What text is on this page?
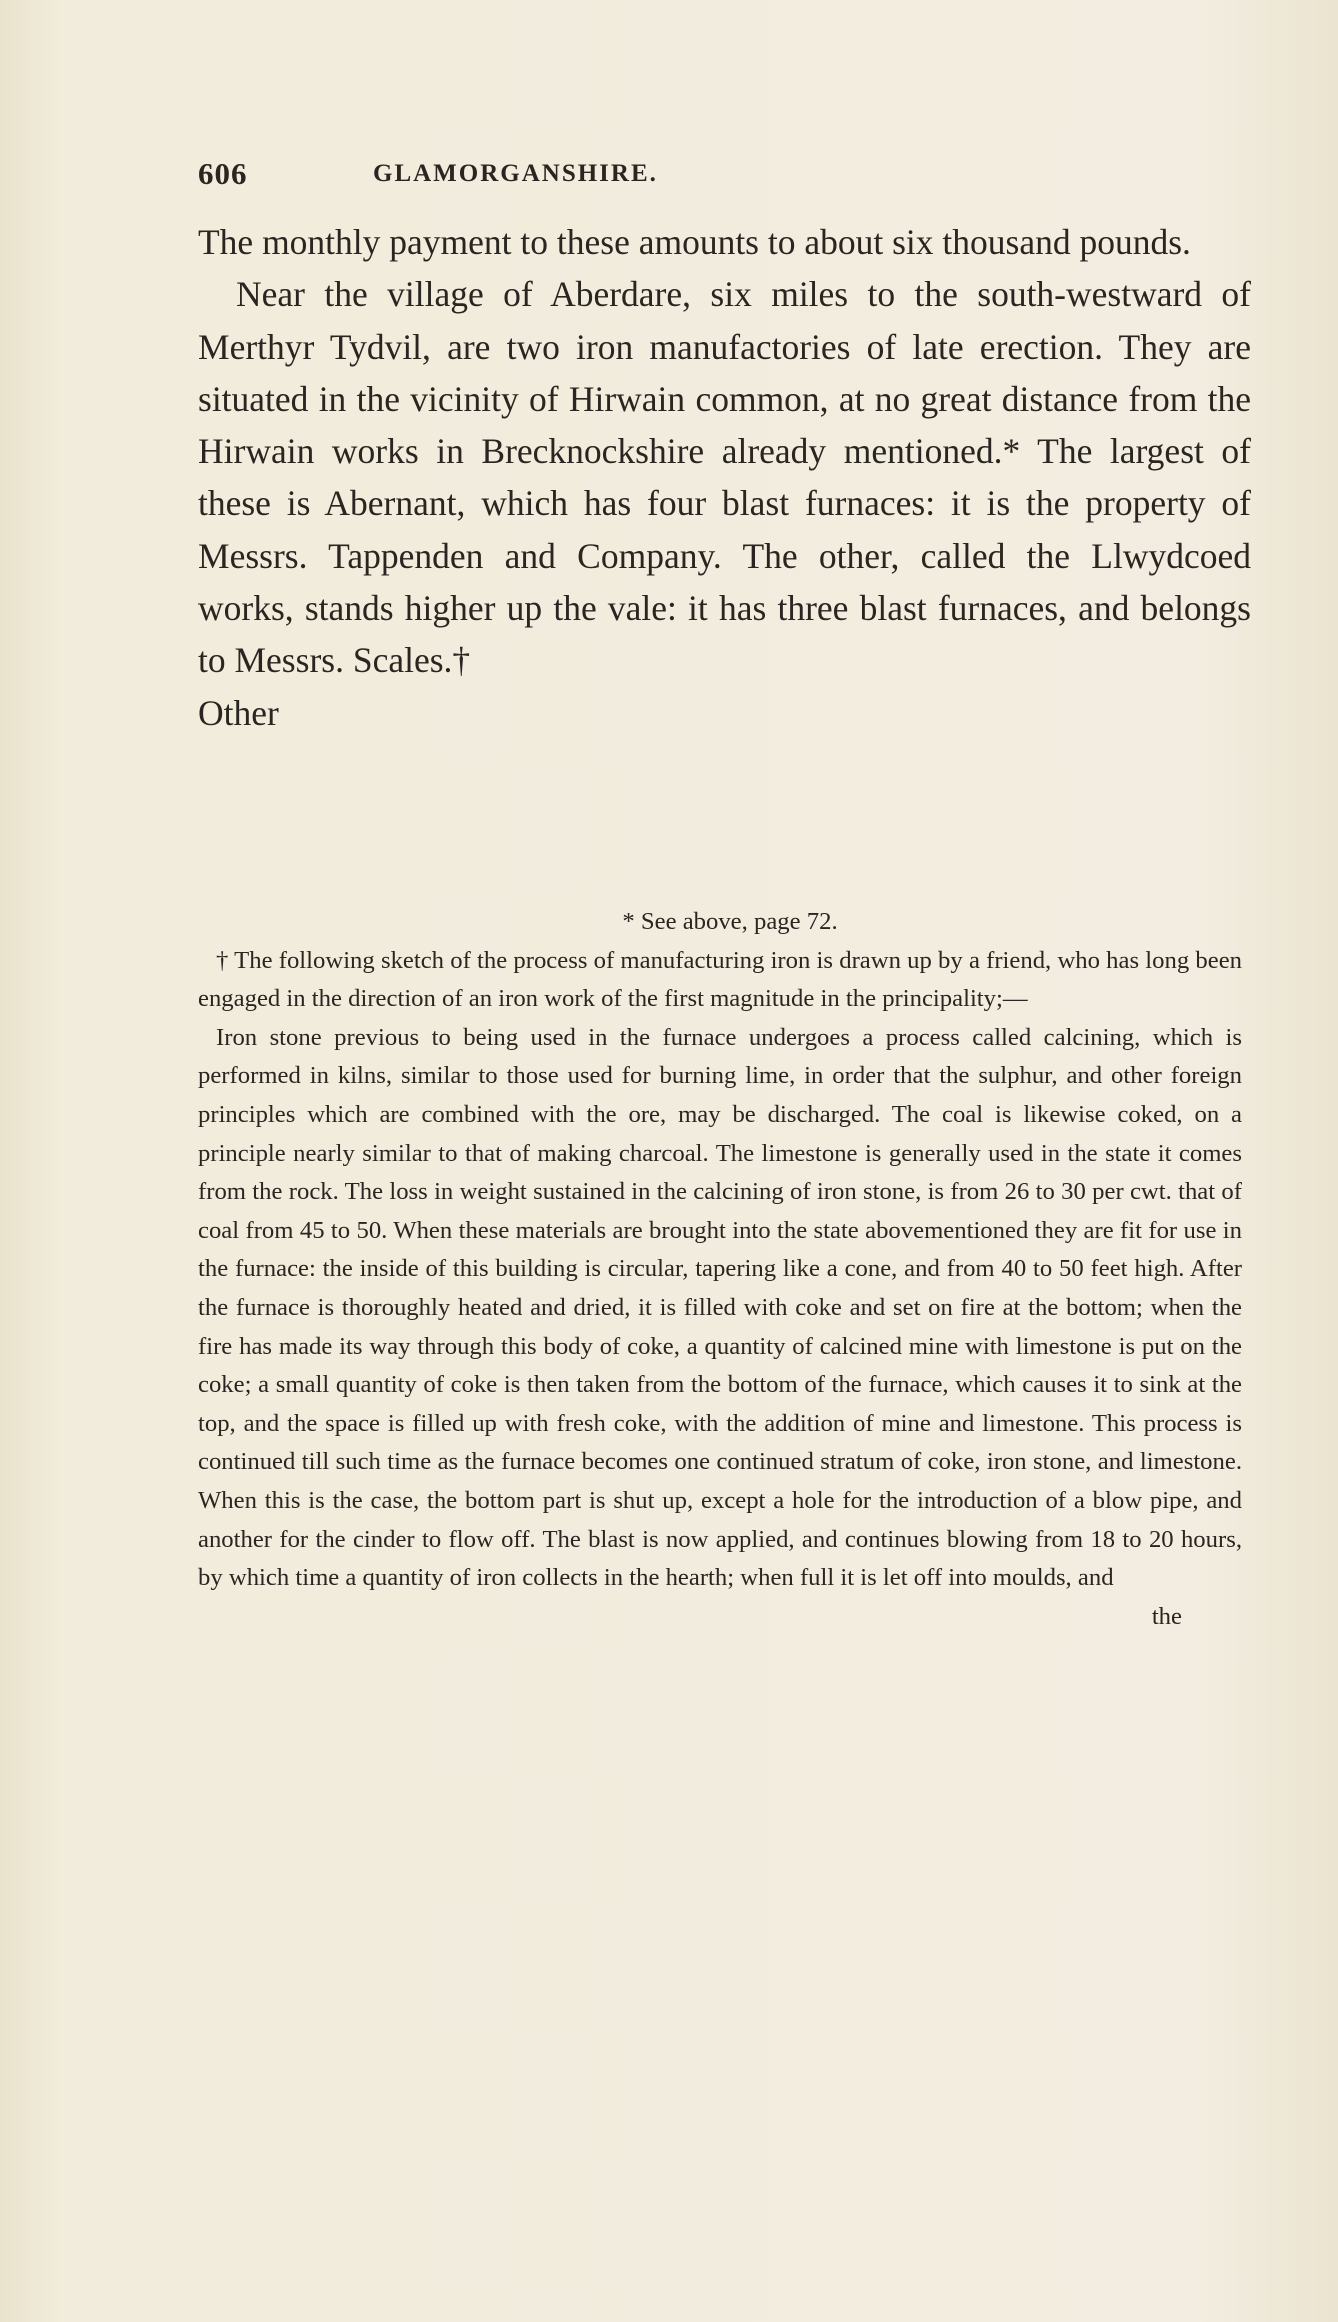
606	GLAMORGANSHIRE.

The monthly payment to these amounts to about six thousand pounds.

Near the village of Aberdare, six miles to the south-westward of Merthyr Tydvil, are two iron manufactories of late erection. They are situated in the vicinity of Hirwain common, at no great distance from the Hirwain works in Brecknockshire already mentioned.* The largest of these is Abernant, which has four blast furnaces: it is the property of Messrs. Tappenden and Company. The other, called the Llwydcoed works, stands higher up the vale: it has three blast furnaces, and belongs to Messrs. Scales.†

Other

* See above, page 72.

† The following sketch of the process of manufacturing iron is drawn up by a friend, who has long been engaged in the direction of an iron work of the first magnitude in the principality;—

Iron stone previous to being used in the furnace undergoes a process called calcining, which is performed in kilns, similar to those used for burning lime, in order that the sulphur, and other foreign principles which are combined with the ore, may be discharged. The coal is likewise coked, on a principle nearly similar to that of making charcoal. The limestone is generally used in the state it comes from the rock. The loss in weight sustained in the calcining of iron stone, is from 26 to 30 per cwt. that of coal from 45 to 50. When these materials are brought into the state abovementioned they are fit for use in the furnace: the inside of this building is circular, tapering like a cone, and from 40 to 50 feet high. After the furnace is thoroughly heated and dried, it is filled with coke and set on fire at the bottom; when the fire has made its way through this body of coke, a quantity of calcined mine with limestone is put on the coke; a small quantity of coke is then taken from the bottom of the furnace, which causes it to sink at the top, and the space is filled up with fresh coke, with the addition of mine and limestone. This process is continued till such time as the furnace becomes one continued stratum of coke, iron stone, and limestone. When this is the case, the bottom part is shut up, except a hole for the introduction of a blow pipe, and another for the cinder to flow off. The blast is now applied, and continues blowing from 18 to 20 hours, by which time a quantity of iron collects in the hearth; when full it is let off into moulds, and

the
